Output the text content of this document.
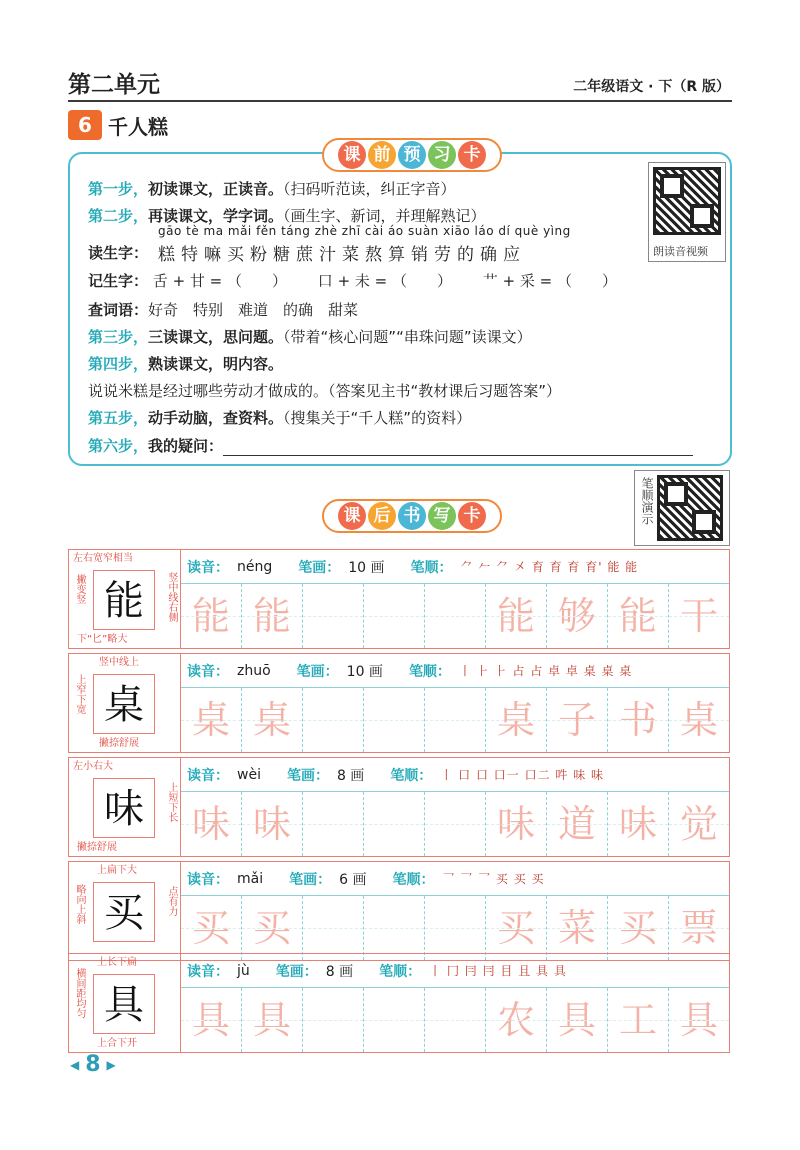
第二单元	二年级语文 · 下（R 版）
6 千人糕
第一步，初读课文，正读音。（扫码听范读，纠正字音）
第二步，再读课文，学字词。（画生字、新词，并理解熟记）
读生字：
gāo tè ma mǎi fěn táng zhè zhī cài áo suàn xiāo láo dí què yìng
糕特嘛买粉糖蔗汁菜熬算销劳的确应
记生字： 舌 + 甘 = （　　） 口 + 未 = （　　） 艹 + 采 = （　　）
查词语：好奇　特别　难道　的确　甜菜
第三步，三读课文，思问题。（带着“核心问题”“串珠问题”读课文）
第四步，熟读课文，明内容。
说说米糕是经过哪些劳动才做成的。（答案见主书“教材课后习题答案”）
第五步，动手动脑，查资料。（搜集关于“千人糕”的资料）
第六步，我的疑问：
朗读音视频
课 前 预 习 卡
课 后 书 写 卡	笔顺演示
左右宽窄相当
撇变竖	竖中线右侧
下“匕”略大
能
读音： néng 笔画： 10 画 笔顺： ⺈ 𠂉 ⺈ 㐅 育 育 育 育' 能 能
能 能	能 够 能 干
竖中线上
上窄下宽
撇捺舒展
桌
读音： zhuō 笔画： 10 画 笔顺： 丨 ⺊ ⺊ 占 占 卓 卓 桌 桌 桌
桌 桌	桌 子 书 桌
左小右大
上短下长
撇捺舒展
味
读音： wèi 笔画： 8 画 笔顺： 丨 口 口 口一 口二 吽 味 味
味 味	味 道 味 觉
上扁下大
略向上斜	点有力
买
读音： mǎi 笔画： 6 画 笔顺： 乛 乛 乛 买 买 买
买 买	买 菜 买 票
上长下扁
横间距均匀
上合下开
具
读音： jù 笔画： 8 画 笔顺： 丨 冂 冃 冃 目 且 具 具
具 具	农 具 工 具
◀ 8 ▶
